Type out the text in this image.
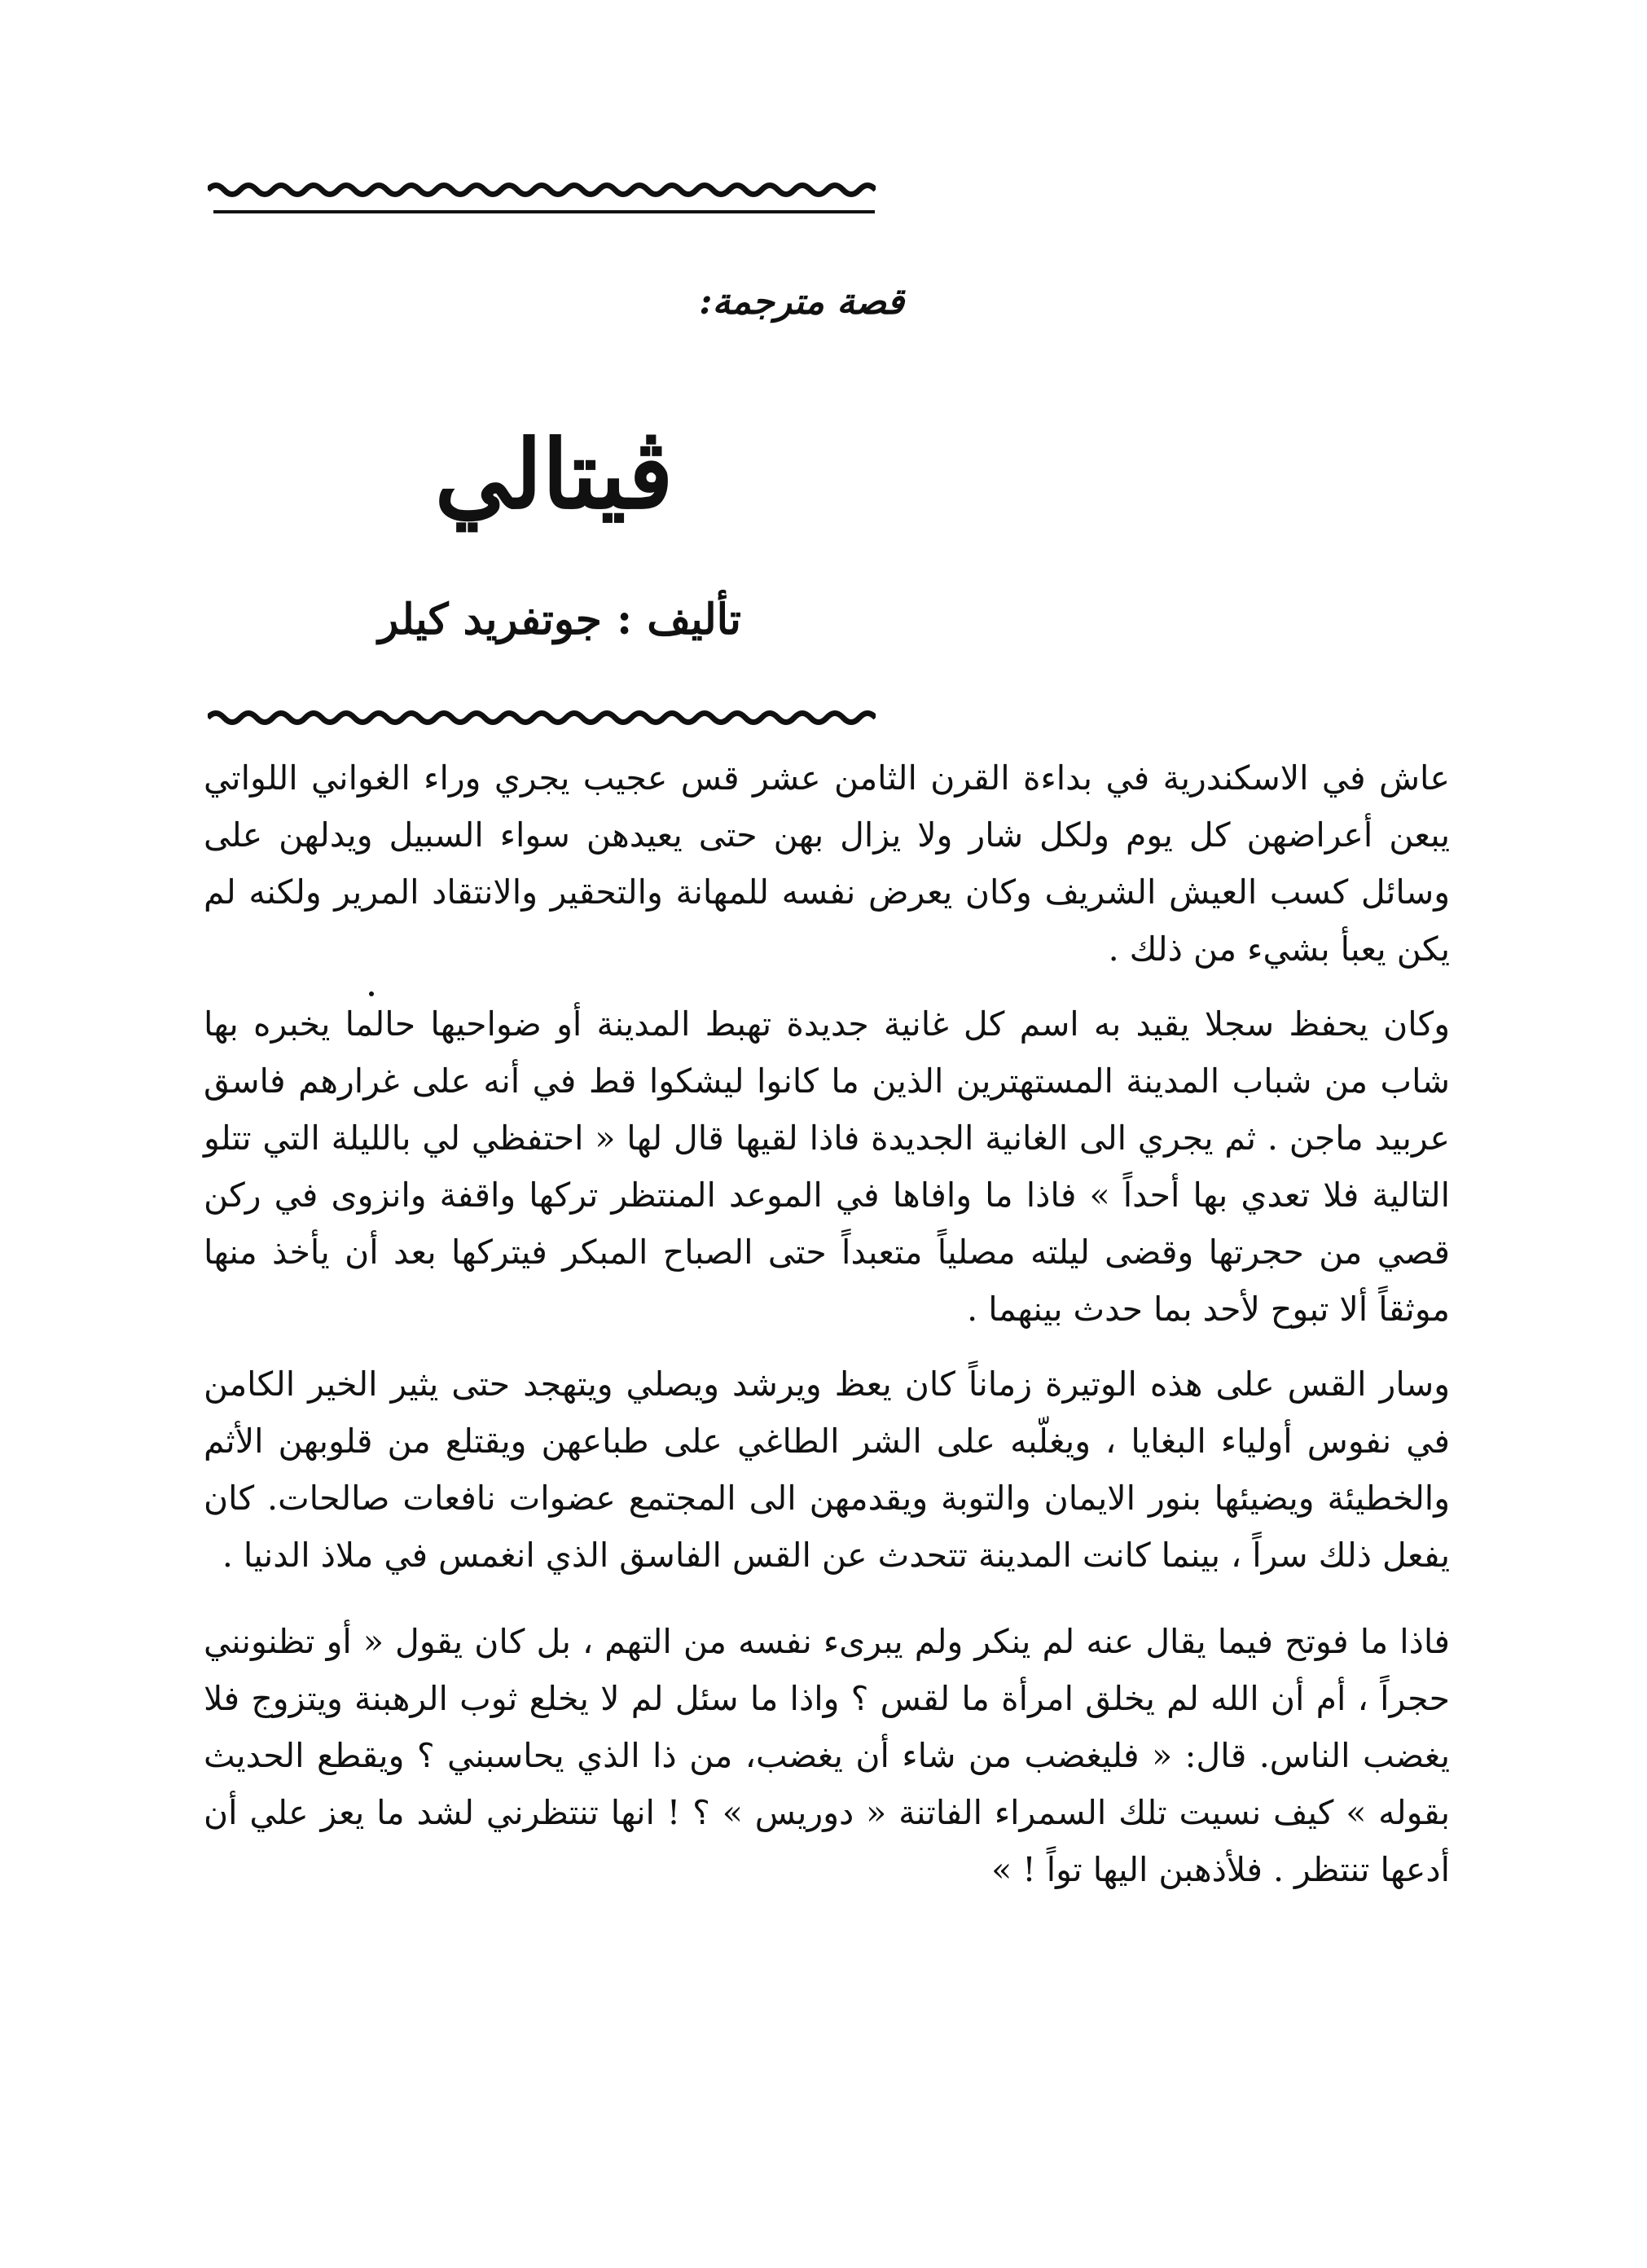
قصة مترجمة:
ڤيتالي
تأليف : جوتفريد كيلر

عاش في الاسكندرية في بداءة القرن الثامن عشر قس عجيب يجري وراء الغواني اللواتي يبعن أعراضهن كل يوم ولكل شار ولا يزال بهن حتى يعيدهن سواء السبيل ويدلهن على وسائل كسب العيش الشريف وكان يعرض نفسه للمهانة والتحقير والانتقاد المرير ولكنه لم يكن يعبأ بشيء من ذلك .

وكان يحفظ سجلا يقيد به اسم كل غانية جديدة تهبط المدينة أو ضواحيها حالما يخبره بها شاب من شباب المدينة المستهترين الذين ما كانوا ليشكوا قط في أنه على غرارهم فاسق عربيد ماجن . ثم يجري الى الغانية الجديدة فاذا لقيها قال لها « احتفظي لي بالليلة التي تتلو التالية فلا تعدي بها أحداً » فاذا ما وافاها في الموعد المنتظر تركها واقفة وانزوى في ركن قصي من حجرتها وقضى ليلته مصلياً متعبداً حتى الصباح المبكر فيتركها بعد أن يأخذ منها موثقاً ألا تبوح لأحد بما حدث بينهما .

وسار القس على هذه الوتيرة زماناً كان يعظ ويرشد ويصلي ويتهجد حتى يثير الخير الكامن في نفوس أولياء البغايا ، ويغلّبه على الشر الطاغي على طباعهن ويقتلع من قلوبهن الأثم والخطيئة ويضيئها بنور الايمان والتوبة ويقدمهن الى المجتمع عضوات نافعات صالحات. كان يفعل ذلك سراً ، بينما كانت المدينة تتحدث عن القس الفاسق الذي انغمس في ملاذ الدنيا .

فاذا ما فوتح فيما يقال عنه لم ينكر ولم يبرىء نفسه من التهم ، بل كان يقول « أو تظنونني حجراً ، أم أن الله لم يخلق امرأة ما لقس ؟ واذا ما سئل لم لا يخلع ثوب الرهبنة ويتزوج فلا يغضب الناس. قال: « فليغضب من شاء أن يغضب، من ذا الذي يحاسبني ؟ ويقطع الحديث بقوله » كيف نسيت تلك السمراء الفاتنة « دوريس » ؟ ! انها تنتظرني لشد ما يعز علي أن أدعها تنتظر . فلأذهبن اليها تواً ! »
